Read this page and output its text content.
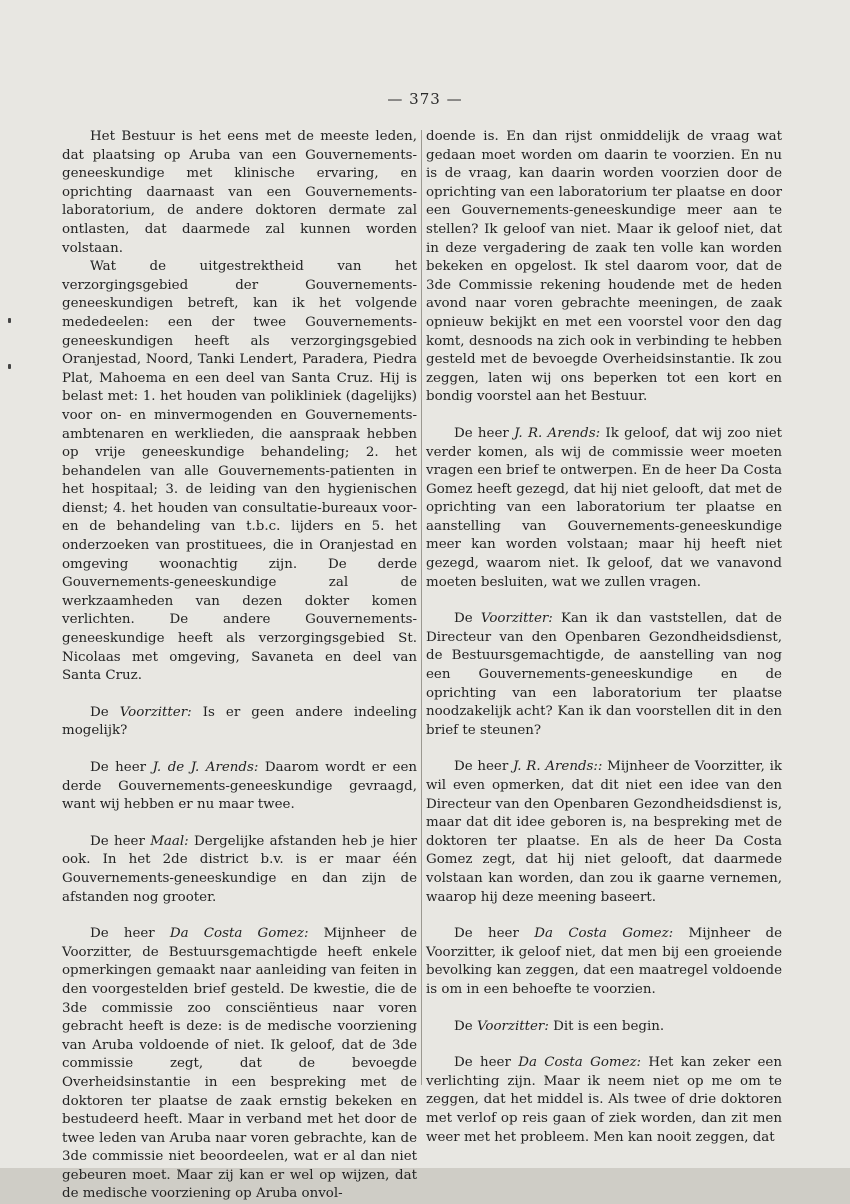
— 373 —

Het Bestuur is het eens met de meeste leden, dat plaatsing op Aruba van een Gouvernements-geneeskundige met klinische ervaring, en oprichting daarnaast van een Gouvernements-laboratorium, de andere doktoren dermate zal ontlasten, dat daarmede zal kunnen worden volstaan.

Wat de uitgestrektheid van het verzorgingsgebied der Gouvernements-geneeskundigen betreft, kan ik het volgende mededeelen: een der twee Gouvernements-geneeskundigen heeft als verzorgingsgebied Oranjestad, Noord, Tanki Lendert, Paradera, Piedra Plat, Mahoema en een deel van Santa Cruz. Hij is belast met: 1. het houden van polikliniek (dagelijks) voor on- en minvermogenden en Gouvernements-ambtenaren en werklieden, die aanspraak hebben op vrije geneeskundige behandeling; 2. het behandelen van alle Gouvernements-patienten in het hospitaal; 3. de leiding van den hygienischen dienst; 4. het houden van consultatie-bureaux voor- en de behandeling van t.b.c. lijders en 5. het onderzoeken van prostituees, die in Oranjestad en omgeving woonachtig zijn. De derde Gouvernements-geneeskundige zal de werkzaamheden van dezen dokter komen verlichten. De andere Gouvernements-geneeskundige heeft als verzorgingsgebied St. Nicolaas met omgeving, Savaneta en deel van Santa Cruz.

De Voorzitter: Is er geen andere indeeling mogelijk?

De heer J. de J. Arends: Daarom wordt er een derde Gouvernements-geneeskundige gevraagd, want wij hebben er nu maar twee.

De heer Maal: Dergelijke afstanden heb je hier ook. In het 2de district b.v. is er maar één Gouvernements-geneeskundige en dan zijn de afstanden nog grooter.

De heer Da Costa Gomez: Mijnheer de Voorzitter, de Bestuursgemachtigde heeft enkele opmerkingen gemaakt naar aanleiding van feiten in den voorgestelden brief gesteld. De kwestie, die de 3de commissie zoo consciëntieus naar voren gebracht heeft is deze: is de medische voorziening van Aruba voldoende of niet. Ik geloof, dat de 3de commissie zegt, dat de bevoegde Overheidsinstantie in een bespreking met de doktoren ter plaatse de zaak ernstig bekeken en bestudeerd heeft. Maar in verband met het door de twee leden van Aruba naar voren gebrachte, kan de 3de commissie niet beoordeelen, wat er al dan niet gebeuren moet. Maar zij kan er wel op wijzen, dat de medische voorziening op Aruba onvol-

doende is. En dan rijst onmiddelijk de vraag wat gedaan moet worden om daarin te voorzien. En nu is de vraag, kan daarin worden voorzien door de oprichting van een laboratorium ter plaatse en door een Gouvernements-geneeskundige meer aan te stellen? Ik geloof van niet. Maar ik geloof niet, dat in deze vergadering de zaak ten volle kan worden bekeken en opgelost. Ik stel daarom voor, dat de 3de Commissie rekening houdende met de heden avond naar voren gebrachte meeningen, de zaak opnieuw bekijkt en met een voorstel voor den dag komt, desnoods na zich ook in verbinding te hebben gesteld met de bevoegde Overheidsinstantie. Ik zou zeggen, laten wij ons beperken tot een kort en bondig voorstel aan het Bestuur.

De heer J. R. Arends: Ik geloof, dat wij zoo niet verder komen, als wij de commissie weer moeten vragen een brief te ontwerpen. En de heer Da Costa Gomez heeft gezegd, dat hij niet gelooft, dat met de oprichting van een laboratorium ter plaatse en aanstelling van Gouvernements-geneeskundige meer kan worden volstaan; maar hij heeft niet gezegd, waarom niet. Ik geloof, dat we vanavond moeten besluiten, wat we zullen vragen.

De Voorzitter: Kan ik dan vaststellen, dat de Directeur van den Openbaren Gezondheidsdienst, de Bestuursgemachtigde, de aanstelling van nog een Gouvernements-geneeskundige en de oprichting van een laboratorium ter plaatse noodzakelijk acht? Kan ik dan voorstellen dit in den brief te steunen?

De heer J. R. Arends:: Mijnheer de Voorzitter, ik wil even opmerken, dat dit niet een idee van den Directeur van den Openbaren Gezondheidsdienst is, maar dat dit idee geboren is, na bespreking met de doktoren ter plaatse. En als de heer Da Costa Gomez zegt, dat hij niet gelooft, dat daarmede volstaan kan worden, dan zou ik gaarne vernemen, waarop hij deze meening baseert.

De heer Da Costa Gomez: Mijnheer de Voorzitter, ik geloof niet, dat men bij een groeiende bevolking kan zeggen, dat een maatregel voldoende is om in een behoefte te voorzien.

De Voorzitter: Dit is een begin.

De heer Da Costa Gomez: Het kan zeker een verlichting zijn. Maar ik neem niet op me om te zeggen, dat het middel is. Als twee of drie doktoren met verlof op reis gaan of ziek worden, dan zit men weer met het probleem. Men kan nooit zeggen, dat
